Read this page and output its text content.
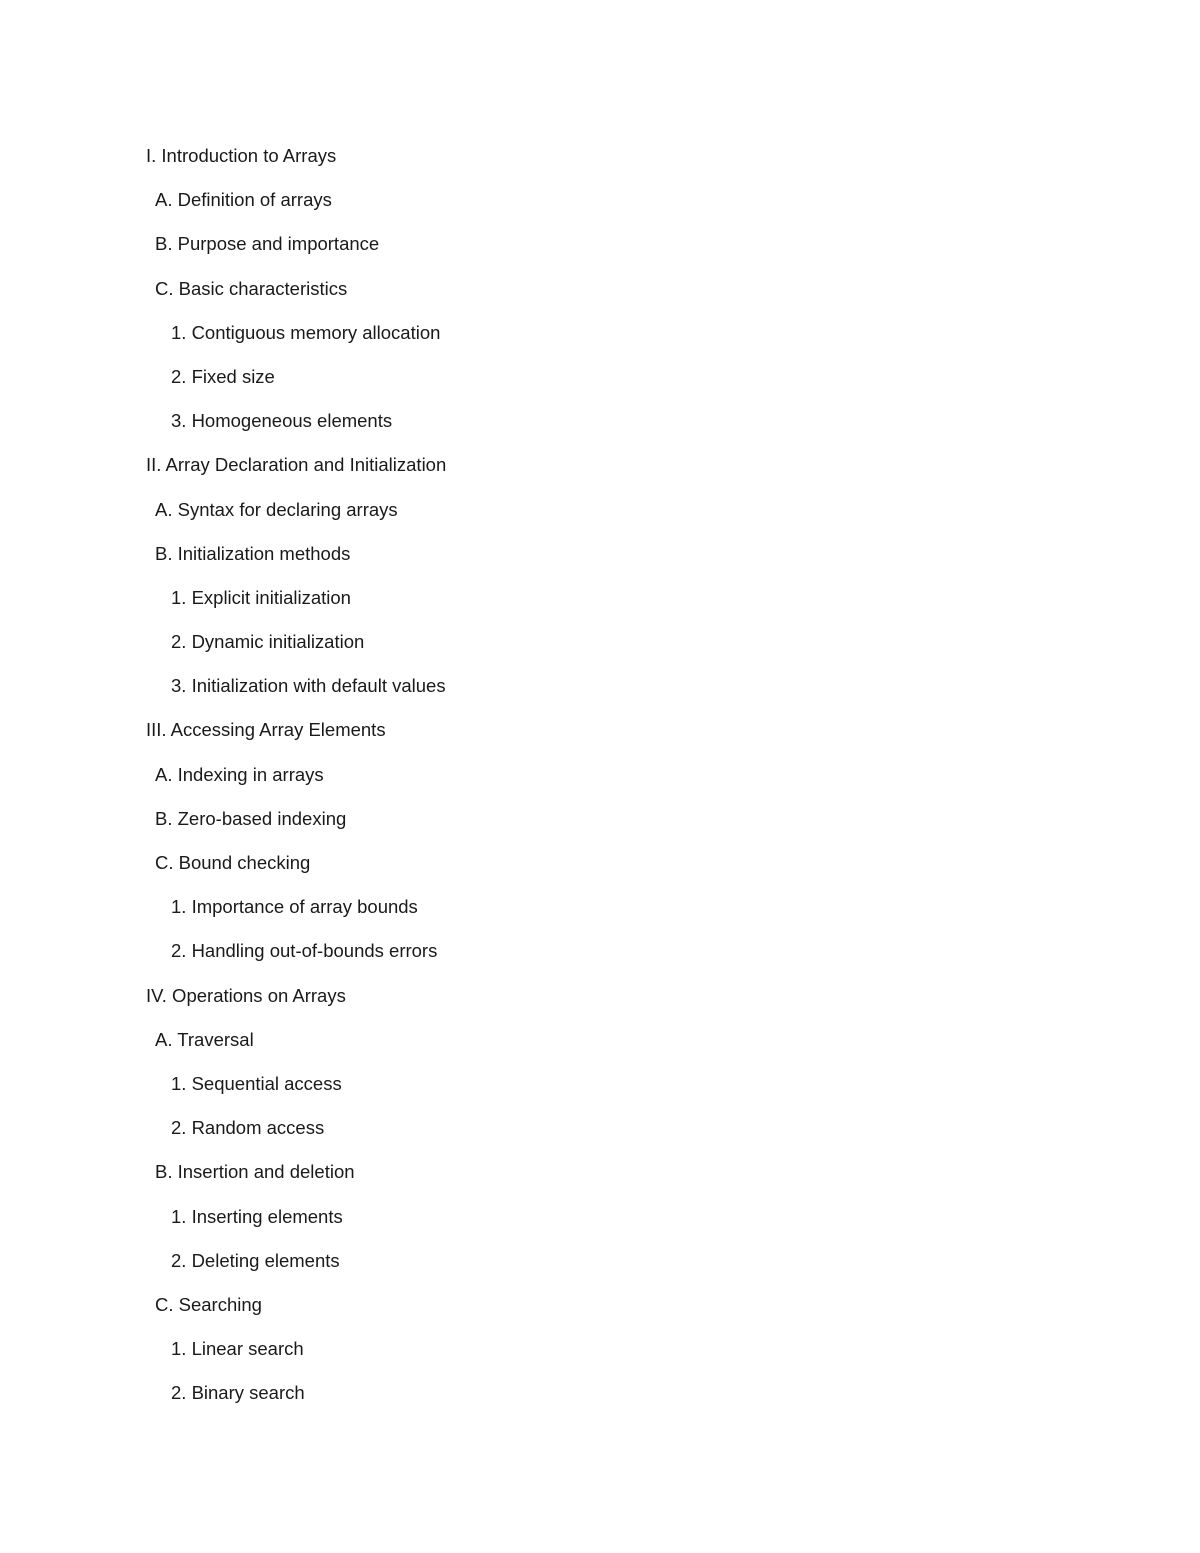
I. Introduction to Arrays
A. Definition of arrays
B. Purpose and importance
C. Basic characteristics
1. Contiguous memory allocation
2. Fixed size
3. Homogeneous elements
II. Array Declaration and Initialization
A. Syntax for declaring arrays
B. Initialization methods
1. Explicit initialization
2. Dynamic initialization
3. Initialization with default values
III. Accessing Array Elements
A. Indexing in arrays
B. Zero-based indexing
C. Bound checking
1. Importance of array bounds
2. Handling out-of-bounds errors
IV. Operations on Arrays
A. Traversal
1. Sequential access
2. Random access
B. Insertion and deletion
1. Inserting elements
2. Deleting elements
C. Searching
1. Linear search
2. Binary search
